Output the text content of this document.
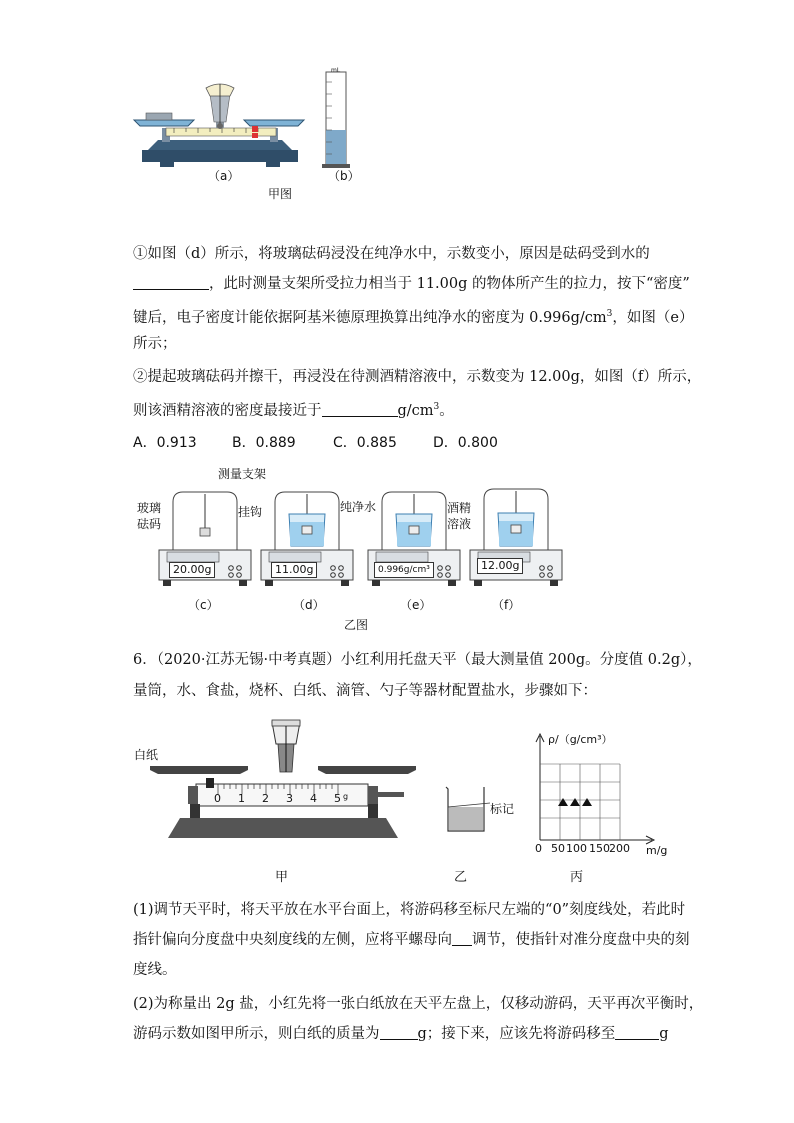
mL
（a）	（b）
甲图
①如图（d）所示，将玻璃砝码浸没在纯净水中，示数变小，原因是砝码受到水的
，此时测量支架所受拉力相当于 11.00g 的物体所产生的拉力，按下“密度”
键后，电子密度计能依据阿基米德原理换算出纯净水的密度为 $0.996g/cm^3$，如图（e）
所示；
②提起玻璃砝码并擦干，再浸没在待测酒精溶液中，示数变为 12.00g，如图（f）所示，
则该酒精溶液的密度最接近于	$g/cm^3$。
A．0.913	B．0.889	C．0.885	D．0.800
测量支架
玻璃
砝码
挂钩	纯净水	酒精
溶液
20.00g	11.00g	0.996g/cm³	12.00g
（c）	（d）	（e）	（f）
乙图
6．（2020·江苏无锡·中考真题）小红利用托盘天平（最大测量值 200g。分度值 0.2g），
量筒，水、食盐，烧杯、白纸、滴管、勺子等器材配置盐水，步骤如下：
白纸
0 1 2 3 4 5 g
标记
ρ/（g/cm³）
m/g
0 50 100 150 200
甲	乙	丙
(1)调节天平时，将天平放在水平台面上，将游码移至标尺左端的“0”刻度线处，若此时
指针偏向分度盘中央刻度线的左侧，应将平螺母向 调节，使指针对准分度盘中央的刻
度线。
(2)为称量出 2g 盐，小红先将一张白纸放在天平左盘上，仅移动游码，天平再次平衡时，
游码示数如图甲所示，则白纸的质量为	g；接下来，应该先将游码移至	g
